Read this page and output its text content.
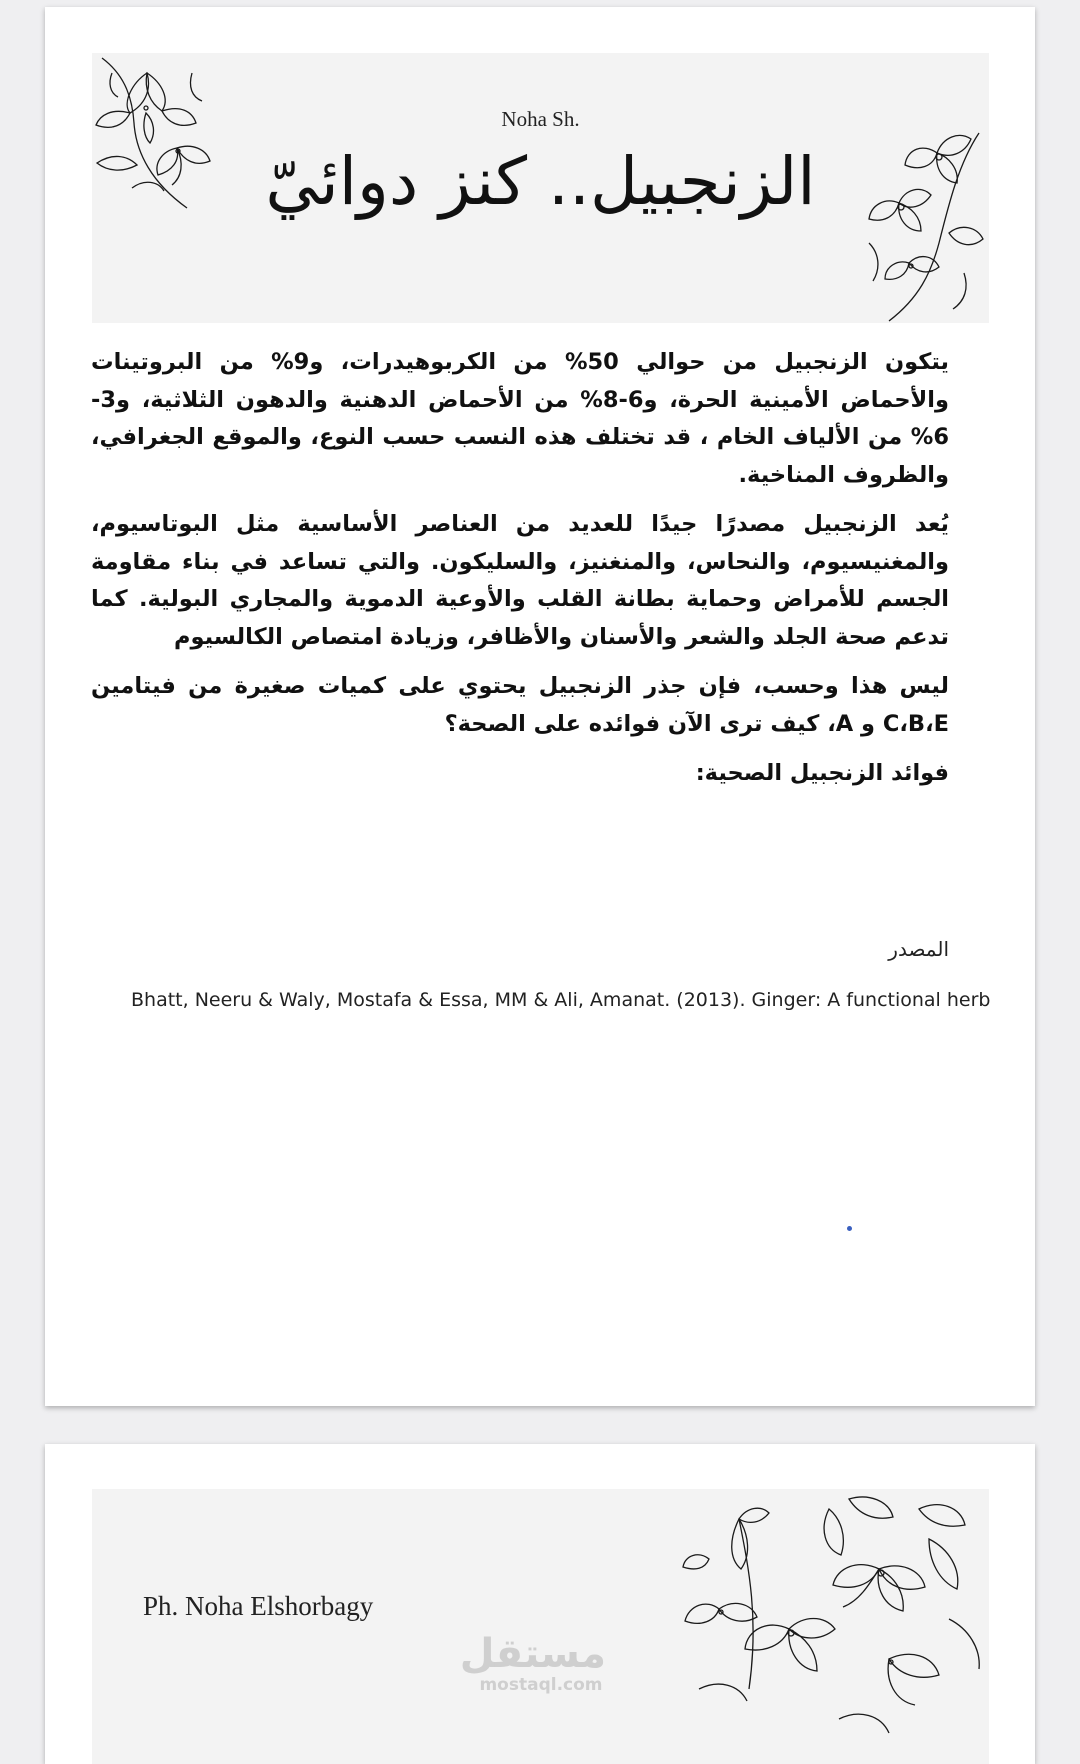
Noha Sh.
الزنجبيل.. كنز دوائيّ

يتكون الزنجبيل من حوالي 50% من الكربوهيدرات، و9% من البروتينات والأحماض الأمينية الحرة، و6-8% من الأحماض الدهنية والدهون الثلاثية، و3-6% من الألياف الخام ، قد تختلف هذه النسب حسب النوع، والموقع الجغرافي، والظروف المناخية.

يُعد الزنجبيل مصدرًا جيدًا للعديد من العناصر الأساسية مثل البوتاسيوم، والمغنيسيوم، والنحاس، والمنغنيز، والسليكون. والتي تساعد في بناء مقاومة الجسم للأمراض وحماية بطانة القلب والأوعية الدموية والمجاري البولية. كما تدعم صحة الجلد والشعر والأسنان والأظافر، وزيادة امتصاص الكالسيوم

ليس هذا وحسب، فإن جذر الزنجبيل يحتوي على كميات صغيرة من فيتامين C،B،E و A، كيف ترى الآن فوائده على الصحة؟

فوائد الزنجبيل الصحية:

المصدر
Bhatt, Neeru & Waly, Mostafa & Essa, MM & Ali, Amanat. (2013). Ginger: A functional herb
Ph. Noha Elshorbagy
مستقل
mostaql.com
